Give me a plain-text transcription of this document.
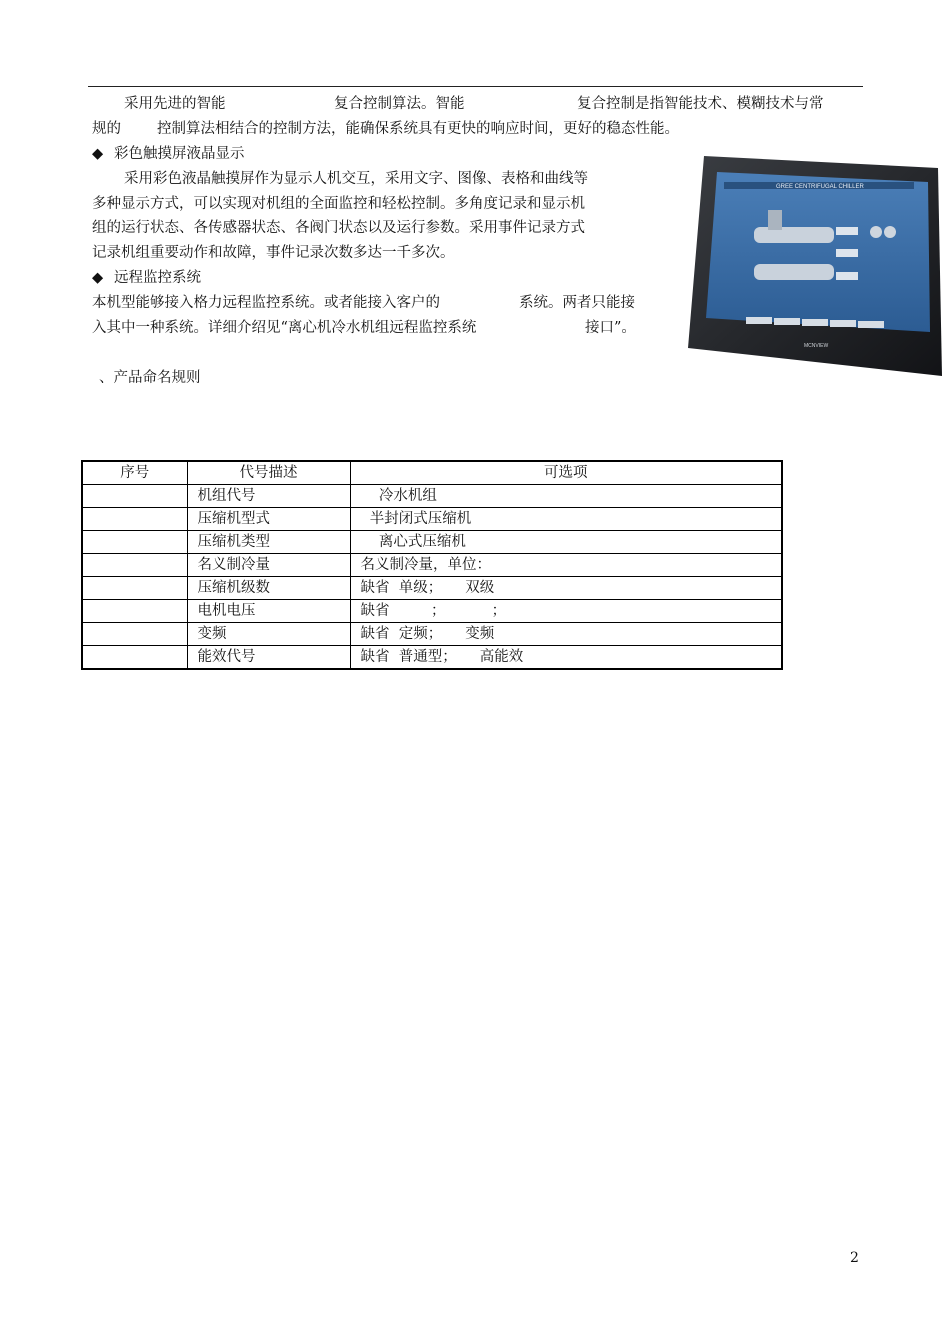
采用先进的智能	复合控制算法。智能	复合控制是指智能技术、模糊技术与常
规的 控制算法相结合的控制方法，能确保系统具有更快的响应时间，更好的稳态性能。
◆ 彩色触摸屏液晶显示
采用彩色液晶触摸屏作为显示人机交互，采用文字、图像、表格和曲线等
多种显示方式，可以实现对机组的全面监控和轻松控制。多角度记录和显示机
组的运行状态、各传感器状态、各阀门状态以及运行参数。采用事件记录方式
记录机组重要动作和故障，事件记录次数多达一千多次。
◆ 远程监控系统
本机型能够接入格力远程监控系统。或者能接入客户的	系统。两者只能接
入其中一种系统。详细介绍见“离心机冷水机组远程监控系统	接口”。
GREE CENTRIFUGAL CHILLER
MCNVIEW
、产品命名规则
序号	代号描述	可选项
	机组代号	冷水机组
	压缩机型式	半封闭式压缩机
	压缩机类型	离心式压缩机
	名义制冷量	名义制冷量，单位：
	压缩机级数	缺省  单级；     双级
	电机电压	缺省         ；          ；
	变频	缺省  定频；     变频
	能效代号	缺省  普通型；     高能效
2
